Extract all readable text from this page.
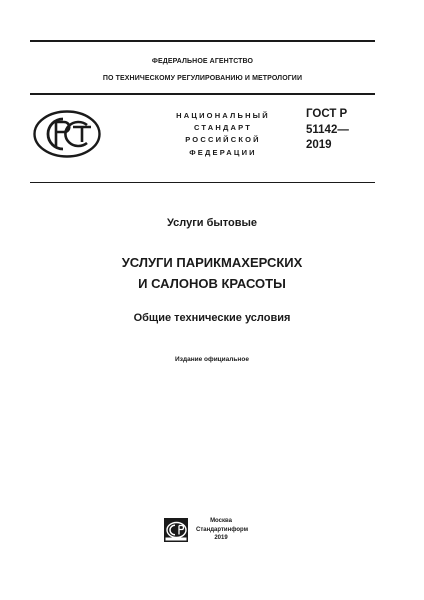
ФЕДЕРАЛЬНОЕ АГЕНТСТВО
ПО ТЕХНИЧЕСКОМУ РЕГУЛИРОВАНИЮ И МЕТРОЛОГИИ
НАЦИОНАЛЬНЫЙ
СТАНДАРТ
РОССИЙСКОЙ
ФЕДЕРАЦИИ
ГОСТ Р
51142—
2019
Услуги бытовые
УСЛУГИ ПАРИКМАХЕРСКИХ
И САЛОНОВ КРАСОТЫ
Общие технические условия
Издание официальное
Москва
Стандартинформ
2019
